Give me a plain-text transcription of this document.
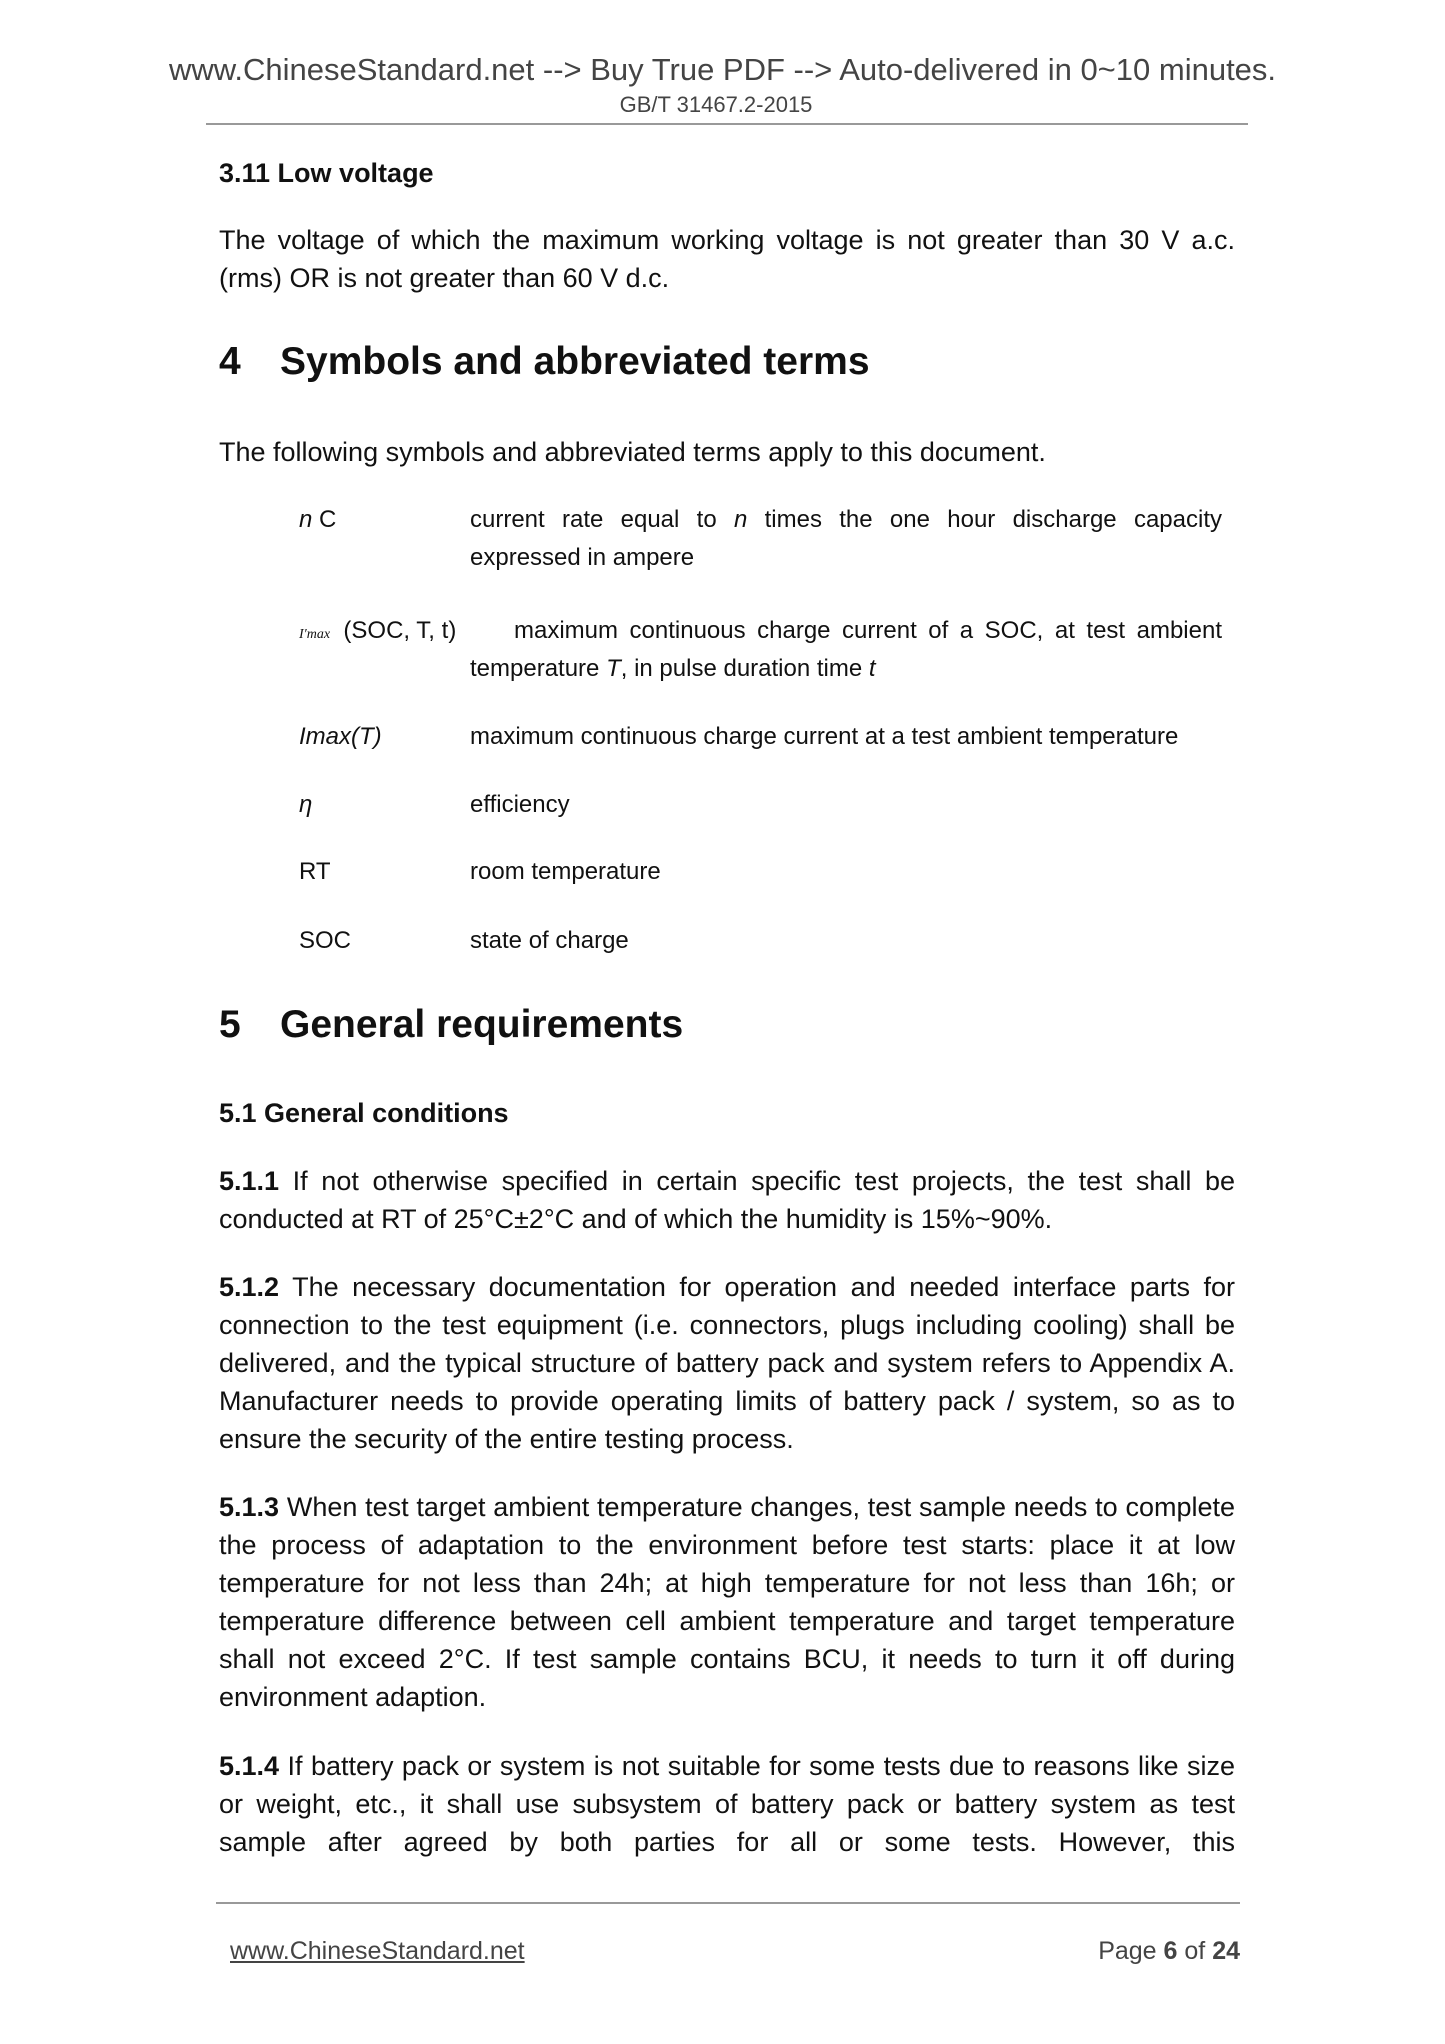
www.ChineseStandard.net --> Buy True PDF --> Auto-delivered in 0~10 minutes.
GB/T 31467.2-2015
3.11 Low voltage
The voltage of which the maximum working voltage is not greater than 30 V a.c. (rms) OR is not greater than 60 V d.c.
4 Symbols and abbreviated terms
The following symbols and abbreviated terms apply to this document.
n C	current rate equal to n times the one hour discharge capacity expressed in ampere
I′max (SOC, T, t)	maximum continuous charge current of a SOC, at test ambient temperature T, in pulse duration time t
Imax(T)	maximum continuous charge current at a test ambient temperature
η	efficiency
RT	room temperature
SOC	state of charge
5 General requirements
5.1 General conditions
5.1.1 If not otherwise specified in certain specific test projects, the test shall be conducted at RT of 25°C±2°C and of which the humidity is 15%~90%.
5.1.2 The necessary documentation for operation and needed interface parts for connection to the test equipment (i.e. connectors, plugs including cooling) shall be delivered, and the typical structure of battery pack and system refers to Appendix A. Manufacturer needs to provide operating limits of battery pack / system, so as to ensure the security of the entire testing process.
5.1.3 When test target ambient temperature changes, test sample needs to complete the process of adaptation to the environment before test starts: place it at low temperature for not less than 24h; at high temperature for not less than 16h; or temperature difference between cell ambient temperature and target temperature shall not exceed 2°C. If test sample contains BCU, it needs to turn it off during environment adaption.
5.1.4 If battery pack or system is not suitable for some tests due to reasons like size or weight, etc., it shall use subsystem of battery pack or battery system as test sample after agreed by both parties for all or some tests. However, this
www.ChineseStandard.net	Page 6 of 24
